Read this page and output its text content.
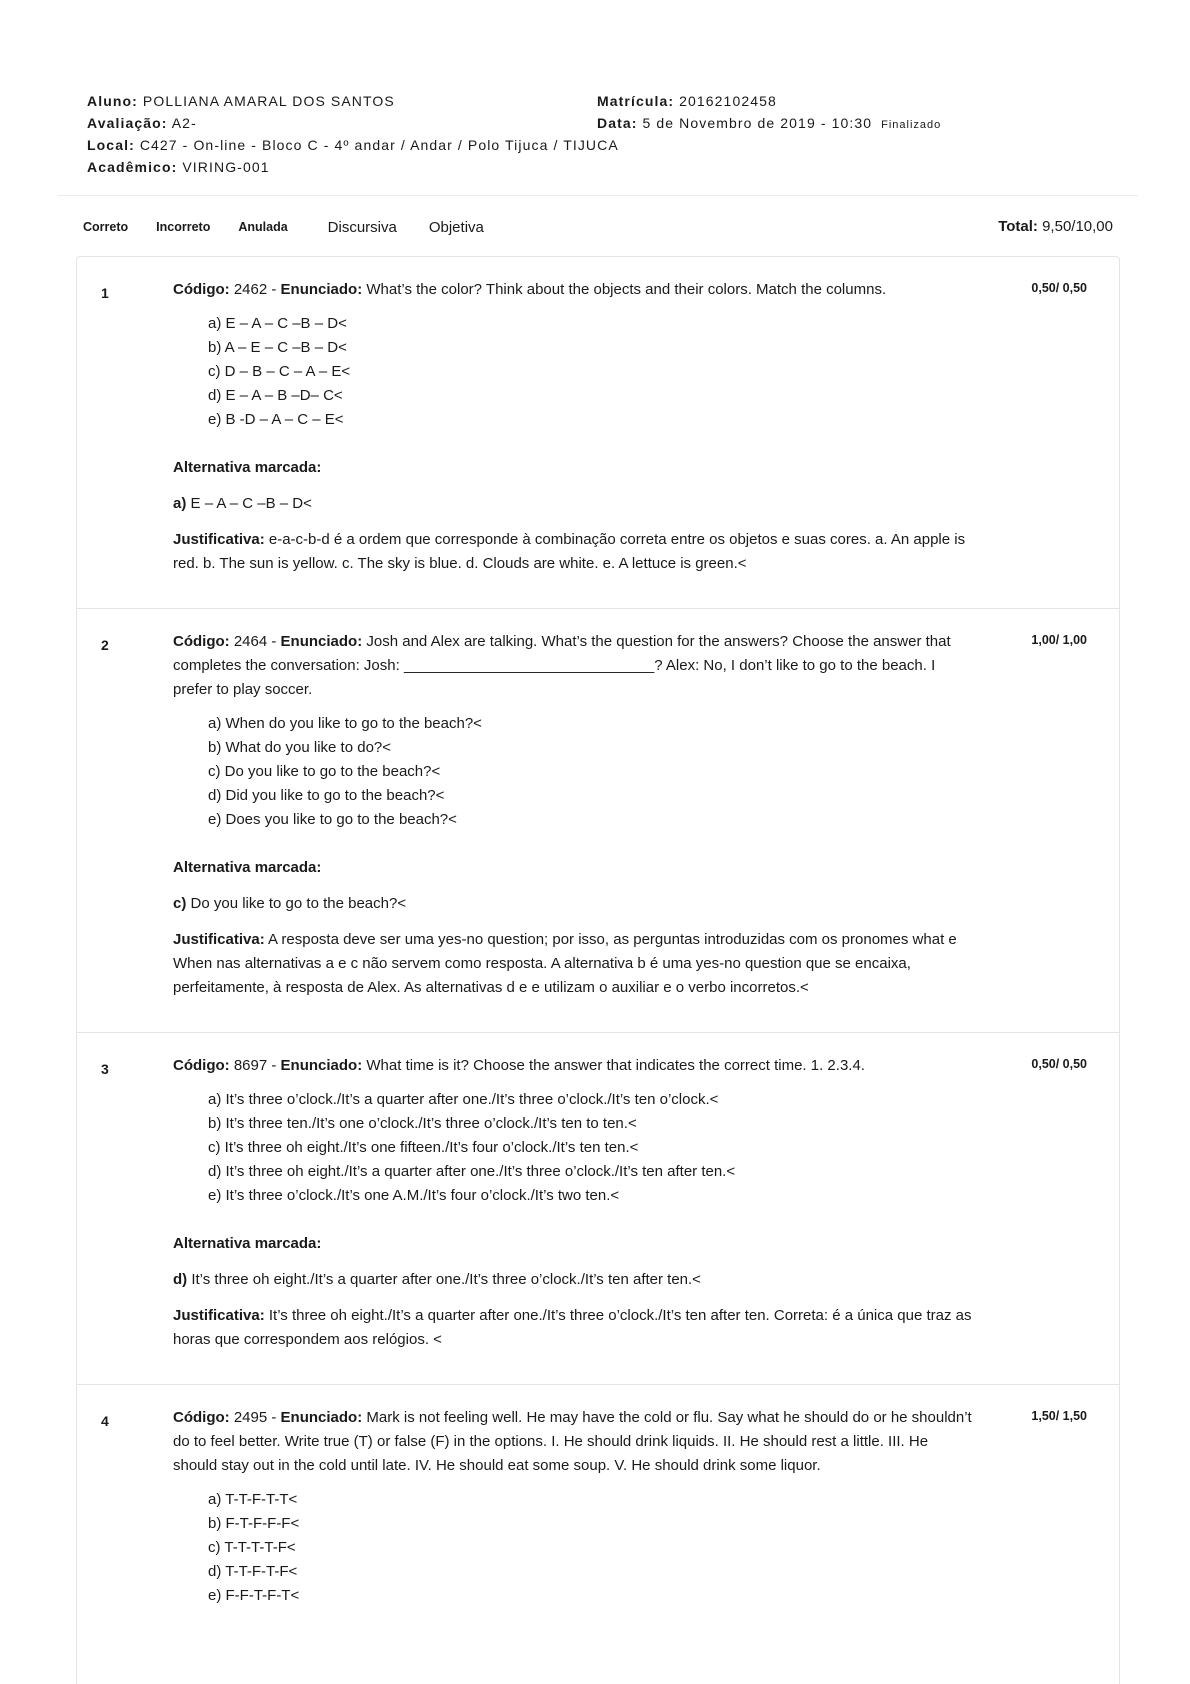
Aluno: POLLIANA AMARAL DOS SANTOS	Matrícula: 20162102458
Avaliação: A2-	Data: 5 de Novembro de 2019 - 10:30 Finalizado
Local: C427 - On-line - Bloco C - 4º andar / Andar / Polo Tijuca / TIJUCA
Acadêmico: VIRING-001
Correto Incorreto Anulada	Discursiva Objetiva	Total: 9,50/10,00
1	0,50/ 0,50
Código: 2462 - Enunciado: What’s the color? Think about the objects and their colors. Match the columns.
a) E – A – C –B – D<
b) A – E – C –B – D<
c) D – B – C – A – E<
d) E – A – B –D– C<
e) B -D – A – C – E<
Alternativa marcada:
a) E – A – C –B – D<
Justificativa: e-a-c-b-d é a ordem que corresponde à combinação correta entre os objetos e suas cores. a. An apple is red. b. The sun is yellow. c. The sky is blue. d. Clouds are white. e. A lettuce is green.<
2	1,00/ 1,00
Código: 2464 - Enunciado: Josh and Alex are talking. What’s the question for the answers? Choose the answer that completes the conversation: Josh: ______________________________? Alex: No, I don’t like to go to the beach. I prefer to play soccer.
a) When do you like to go to the beach?<
b) What do you like to do?<
c) Do you like to go to the beach?<
d) Did you like to go to the beach?<
e) Does you like to go to the beach?<
Alternativa marcada:
c) Do you like to go to the beach?<
Justificativa: A resposta deve ser uma yes-no question; por isso, as perguntas introduzidas com os pronomes what e When nas alternativas a e c não servem como resposta. A alternativa b é uma yes-no question que se encaixa, perfeitamente, à resposta de Alex. As alternativas d e e utilizam o auxiliar e o verbo incorretos.<
3	0,50/ 0,50
Código: 8697 - Enunciado: What time is it? Choose the answer that indicates the correct time. 1. 2.3.4.
a) It’s three o’clock./It’s a quarter after one./It’s three o’clock./It’s ten o’clock.<
b) It’s three ten./It’s one o’clock./It’s three o’clock./It’s ten to ten.<
c) It’s three oh eight./It’s one fifteen./It’s four o’clock./It’s ten ten.<
d) It’s three oh eight./It’s a quarter after one./It’s three o’clock./It’s ten after ten.<
e) It’s three o’clock./It’s one A.M./It’s four o’clock./It’s two ten.<
Alternativa marcada:
d) It’s three oh eight./It’s a quarter after one./It’s three o’clock./It’s ten after ten.<
Justificativa: It’s three oh eight./It’s a quarter after one./It’s three o’clock./It’s ten after ten. Correta: é a única que traz as horas que correspondem aos relógios. <
4	1,50/ 1,50
Código: 2495 - Enunciado: Mark is not feeling well. He may have the cold or flu. Say what he should do or he shouldn’t do to feel better. Write true (T) or false (F) in the options. I. He should drink liquids. II. He should rest a little. III. He should stay out in the cold until late. IV. He should eat some soup. V. He should drink some liquor.
a) T-T-F-T-T<
b) F-T-F-F-F<
c) T-T-T-T-F<
d) T-T-F-T-F<
e) F-F-T-F-T<
